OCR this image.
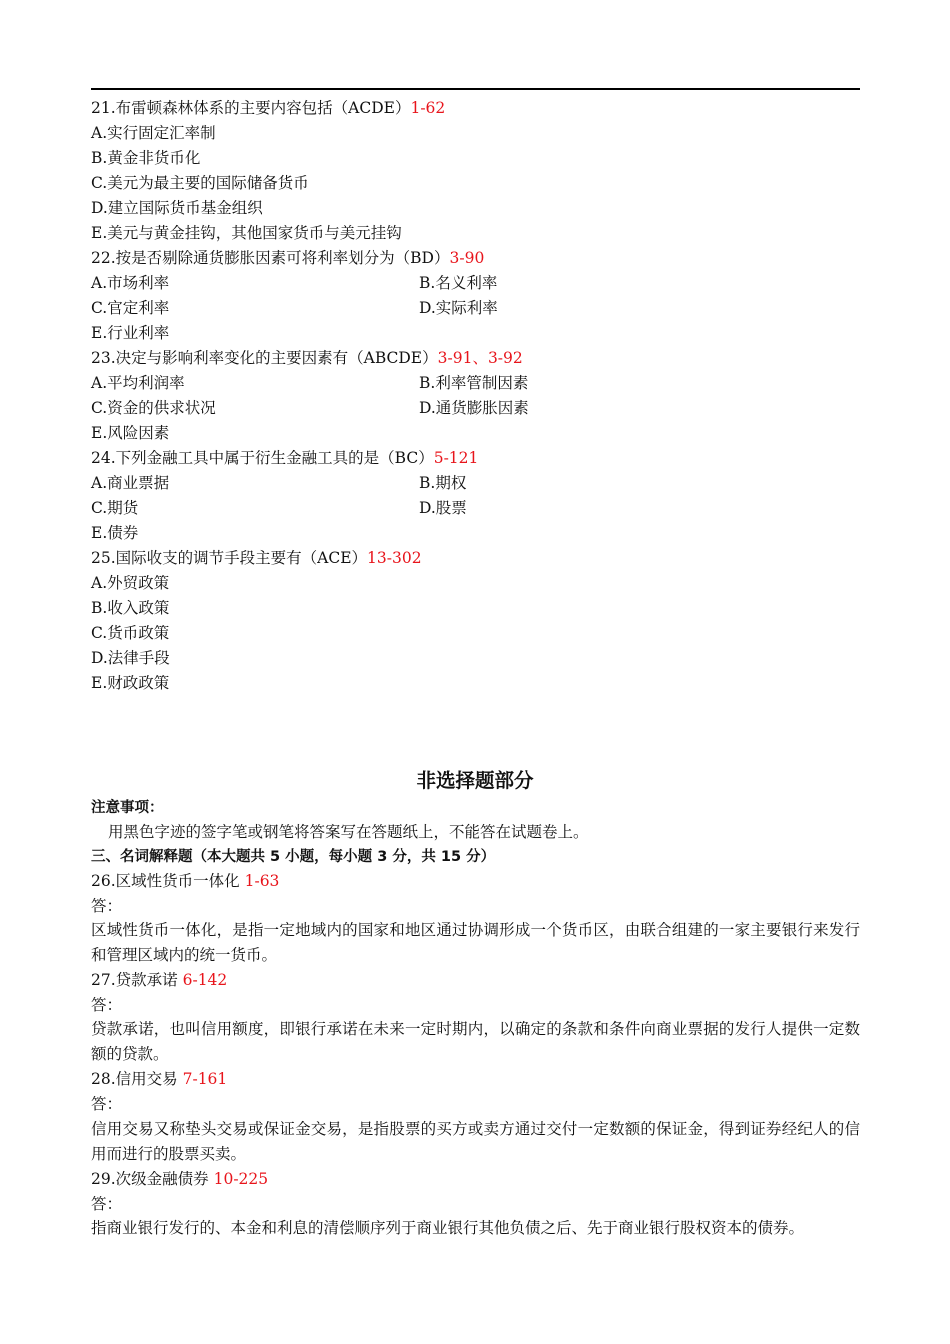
21.布雷顿森林体系的主要内容包括（ACDE）1-62
A.实行固定汇率制
B.黄金非货币化
C.美元为最主要的国际储备货币
D.建立国际货币基金组织
E.美元与黄金挂钩，其他国家货币与美元挂钩
22.按是否剔除通货膨胀因素可将利率划分为（BD）3-90
A.市场利率	B.名义利率
C.官定利率	D.实际利率
E.行业利率
23.决定与影响利率变化的主要因素有（ABCDE）3-91、3-92
A.平均利润率	B.利率管制因素
C.资金的供求状况	D.通货膨胀因素
E.风险因素
24.下列金融工具中属于衍生金融工具的是（BC）5-121
A.商业票据	B.期权
C.期货	D.股票
E.债券
25.国际收支的调节手段主要有（ACE）13-302
A.外贸政策
B.收入政策
C.货币政策
D.法律手段
E.财政政策
非选择题部分
注意事项：
用黑色字迹的签字笔或钢笔将答案写在答题纸上，不能答在试题卷上。
三、名词解释题（本大题共 5 小题，每小题 3 分，共 15 分）
26.区域性货币一体化 1-63
答：
区域性货币一体化，是指一定地域内的国家和地区通过协调形成一个货币区，由联合组建的一家主要银行来发行和管理区域内的统一货币。
27.贷款承诺 6-142
答：
贷款承诺，也叫信用额度，即银行承诺在未来一定时期内，以确定的条款和条件向商业票据的发行人提供一定数额的贷款。
28.信用交易 7-161
答：
信用交易又称垫头交易或保证金交易，是指股票的买方或卖方通过交付一定数额的保证金，得到证券经纪人的信用而进行的股票买卖。
29.次级金融债券 10-225
答：
指商业银行发行的、本金和利息的清偿顺序列于商业银行其他负债之后、先于商业银行股权资本的债券。
